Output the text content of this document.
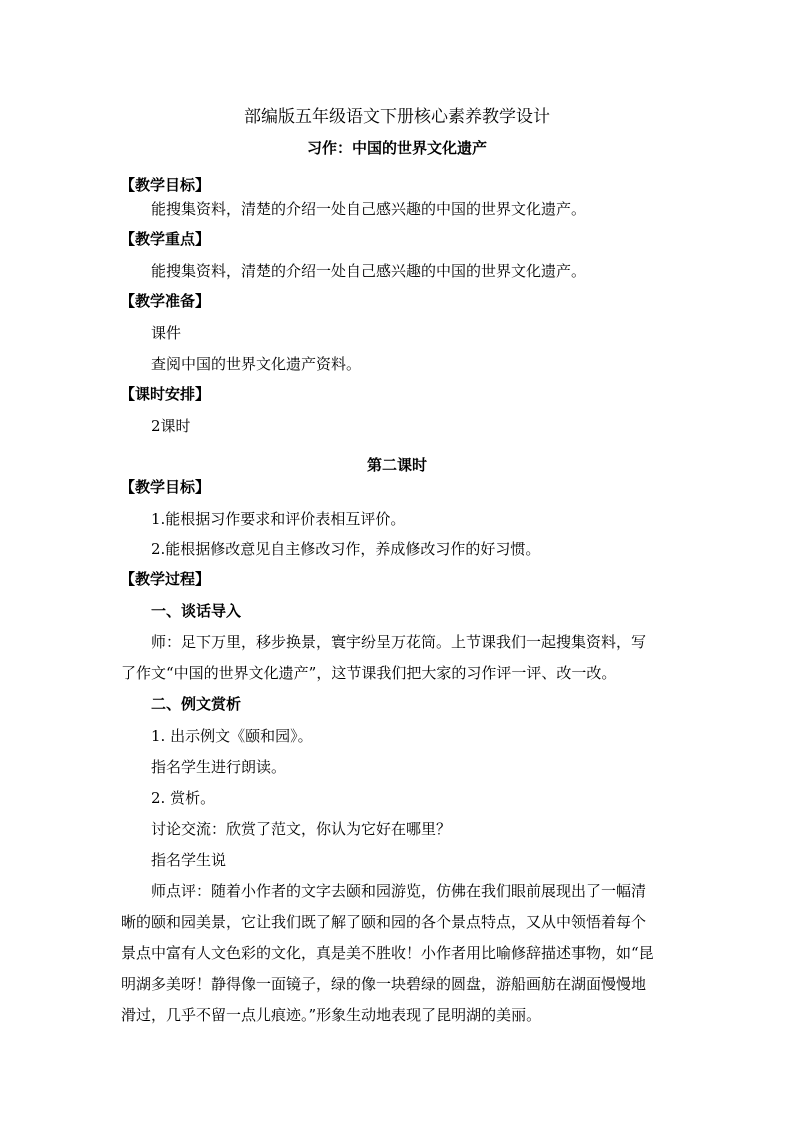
部编版五年级语文下册核心素养教学设计
习作：中国的世界文化遗产
【教学目标】
能搜集资料，清楚的介绍一处自己感兴趣的中国的世界文化遗产。
【教学重点】
能搜集资料，清楚的介绍一处自己感兴趣的中国的世界文化遗产。
【教学准备】
课件
查阅中国的世界文化遗产资料。
【课时安排】
2课时
第二课时
【教学目标】
1.能根据习作要求和评价表相互评价。
2.能根据修改意见自主修改习作，养成修改习作的好习惯。
【教学过程】
一、谈话导入
师：足下万里，移步换景，寰宇纷呈万花筒。上节课我们一起搜集资料，写
了作文“中国的世界文化遗产”，这节课我们把大家的习作评一评、改一改。
二、例文赏析
1. 出示例文《颐和园》。
指名学生进行朗读。
2. 赏析。
讨论交流：欣赏了范文，你认为它好在哪里？
指名学生说
师点评：随着小作者的文字去颐和园游览，仿佛在我们眼前展现出了一幅清
晰的颐和园美景，它让我们既了解了颐和园的各个景点特点，又从中领悟着每个
景点中富有人文色彩的文化，真是美不胜收！小作者用比喻修辞描述事物，如“昆
明湖多美呀！静得像一面镜子，绿的像一块碧绿的圆盘，游船画舫在湖面慢慢地
滑过，几乎不留一点儿痕迹。”形象生动地表现了昆明湖的美丽。
